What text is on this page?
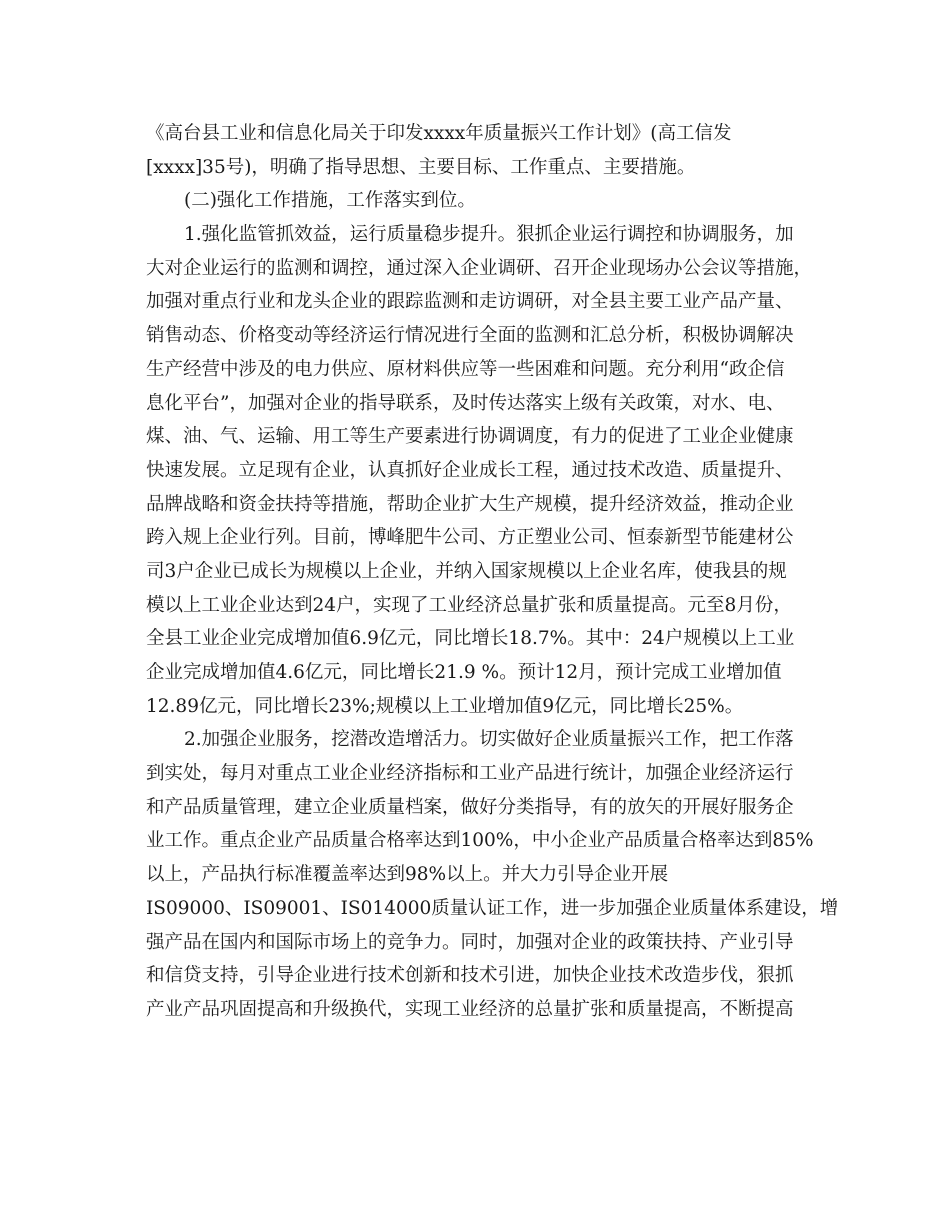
《高台县工业和信息化局关于印发xxxx年质量振兴工作计划》(高工信发
[xxxx]35号)，明确了指导思想、主要目标、工作重点、主要措施。
(二)强化工作措施，工作落实到位。
1.强化监管抓效益，运行质量稳步提升。狠抓企业运行调控和协调服务，加
大对企业运行的监测和调控，通过深入企业调研、召开企业现场办公会议等措施，
加强对重点行业和龙头企业的跟踪监测和走访调研，对全县主要工业产品产量、
销售动态、价格变动等经济运行情况进行全面的监测和汇总分析，积极协调解决
生产经营中涉及的电力供应、原材料供应等一些困难和问题。充分利用“政企信
息化平台”，加强对企业的指导联系，及时传达落实上级有关政策，对水、电、
煤、油、气、运输、用工等生产要素进行协调调度，有力的促进了工业企业健康
快速发展。立足现有企业，认真抓好企业成长工程，通过技术改造、质量提升、
品牌战略和资金扶持等措施，帮助企业扩大生产规模，提升经济效益，推动企业
跨入规上企业行列。目前，博峰肥牛公司、方正塑业公司、恒泰新型节能建材公
司3户企业已成长为规模以上企业，并纳入国家规模以上企业名库，使我县的规
模以上工业企业达到24户，实现了工业经济总量扩张和质量提高。元至8月份，
全县工业企业完成增加值6.9亿元，同比增长18.7%。其中：24户规模以上工业
企业完成增加值4.6亿元，同比增长21.9 %。预计12月，预计完成工业增加值
12.89亿元，同比增长23%;规模以上工业增加值9亿元，同比增长25%。
2.加强企业服务，挖潜改造增活力。切实做好企业质量振兴工作，把工作落
到实处，每月对重点工业企业经济指标和工业产品进行统计，加强企业经济运行
和产品质量管理，建立企业质量档案，做好分类指导，有的放矢的开展好服务企
业工作。重点企业产品质量合格率达到100%，中小企业产品质量合格率达到85%
以上，产品执行标准覆盖率达到98%以上。并大力引导企业开展
IS09000、IS09001、IS014000质量认证工作，进一步加强企业质量体系建设，增
强产品在国内和国际市场上的竞争力。同时，加强对企业的政策扶持、产业引导
和信贷支持，引导企业进行技术创新和技术引进，加快企业技术改造步伐，狠抓
产业产品巩固提高和升级换代，实现工业经济的总量扩张和质量提高，不断提高
